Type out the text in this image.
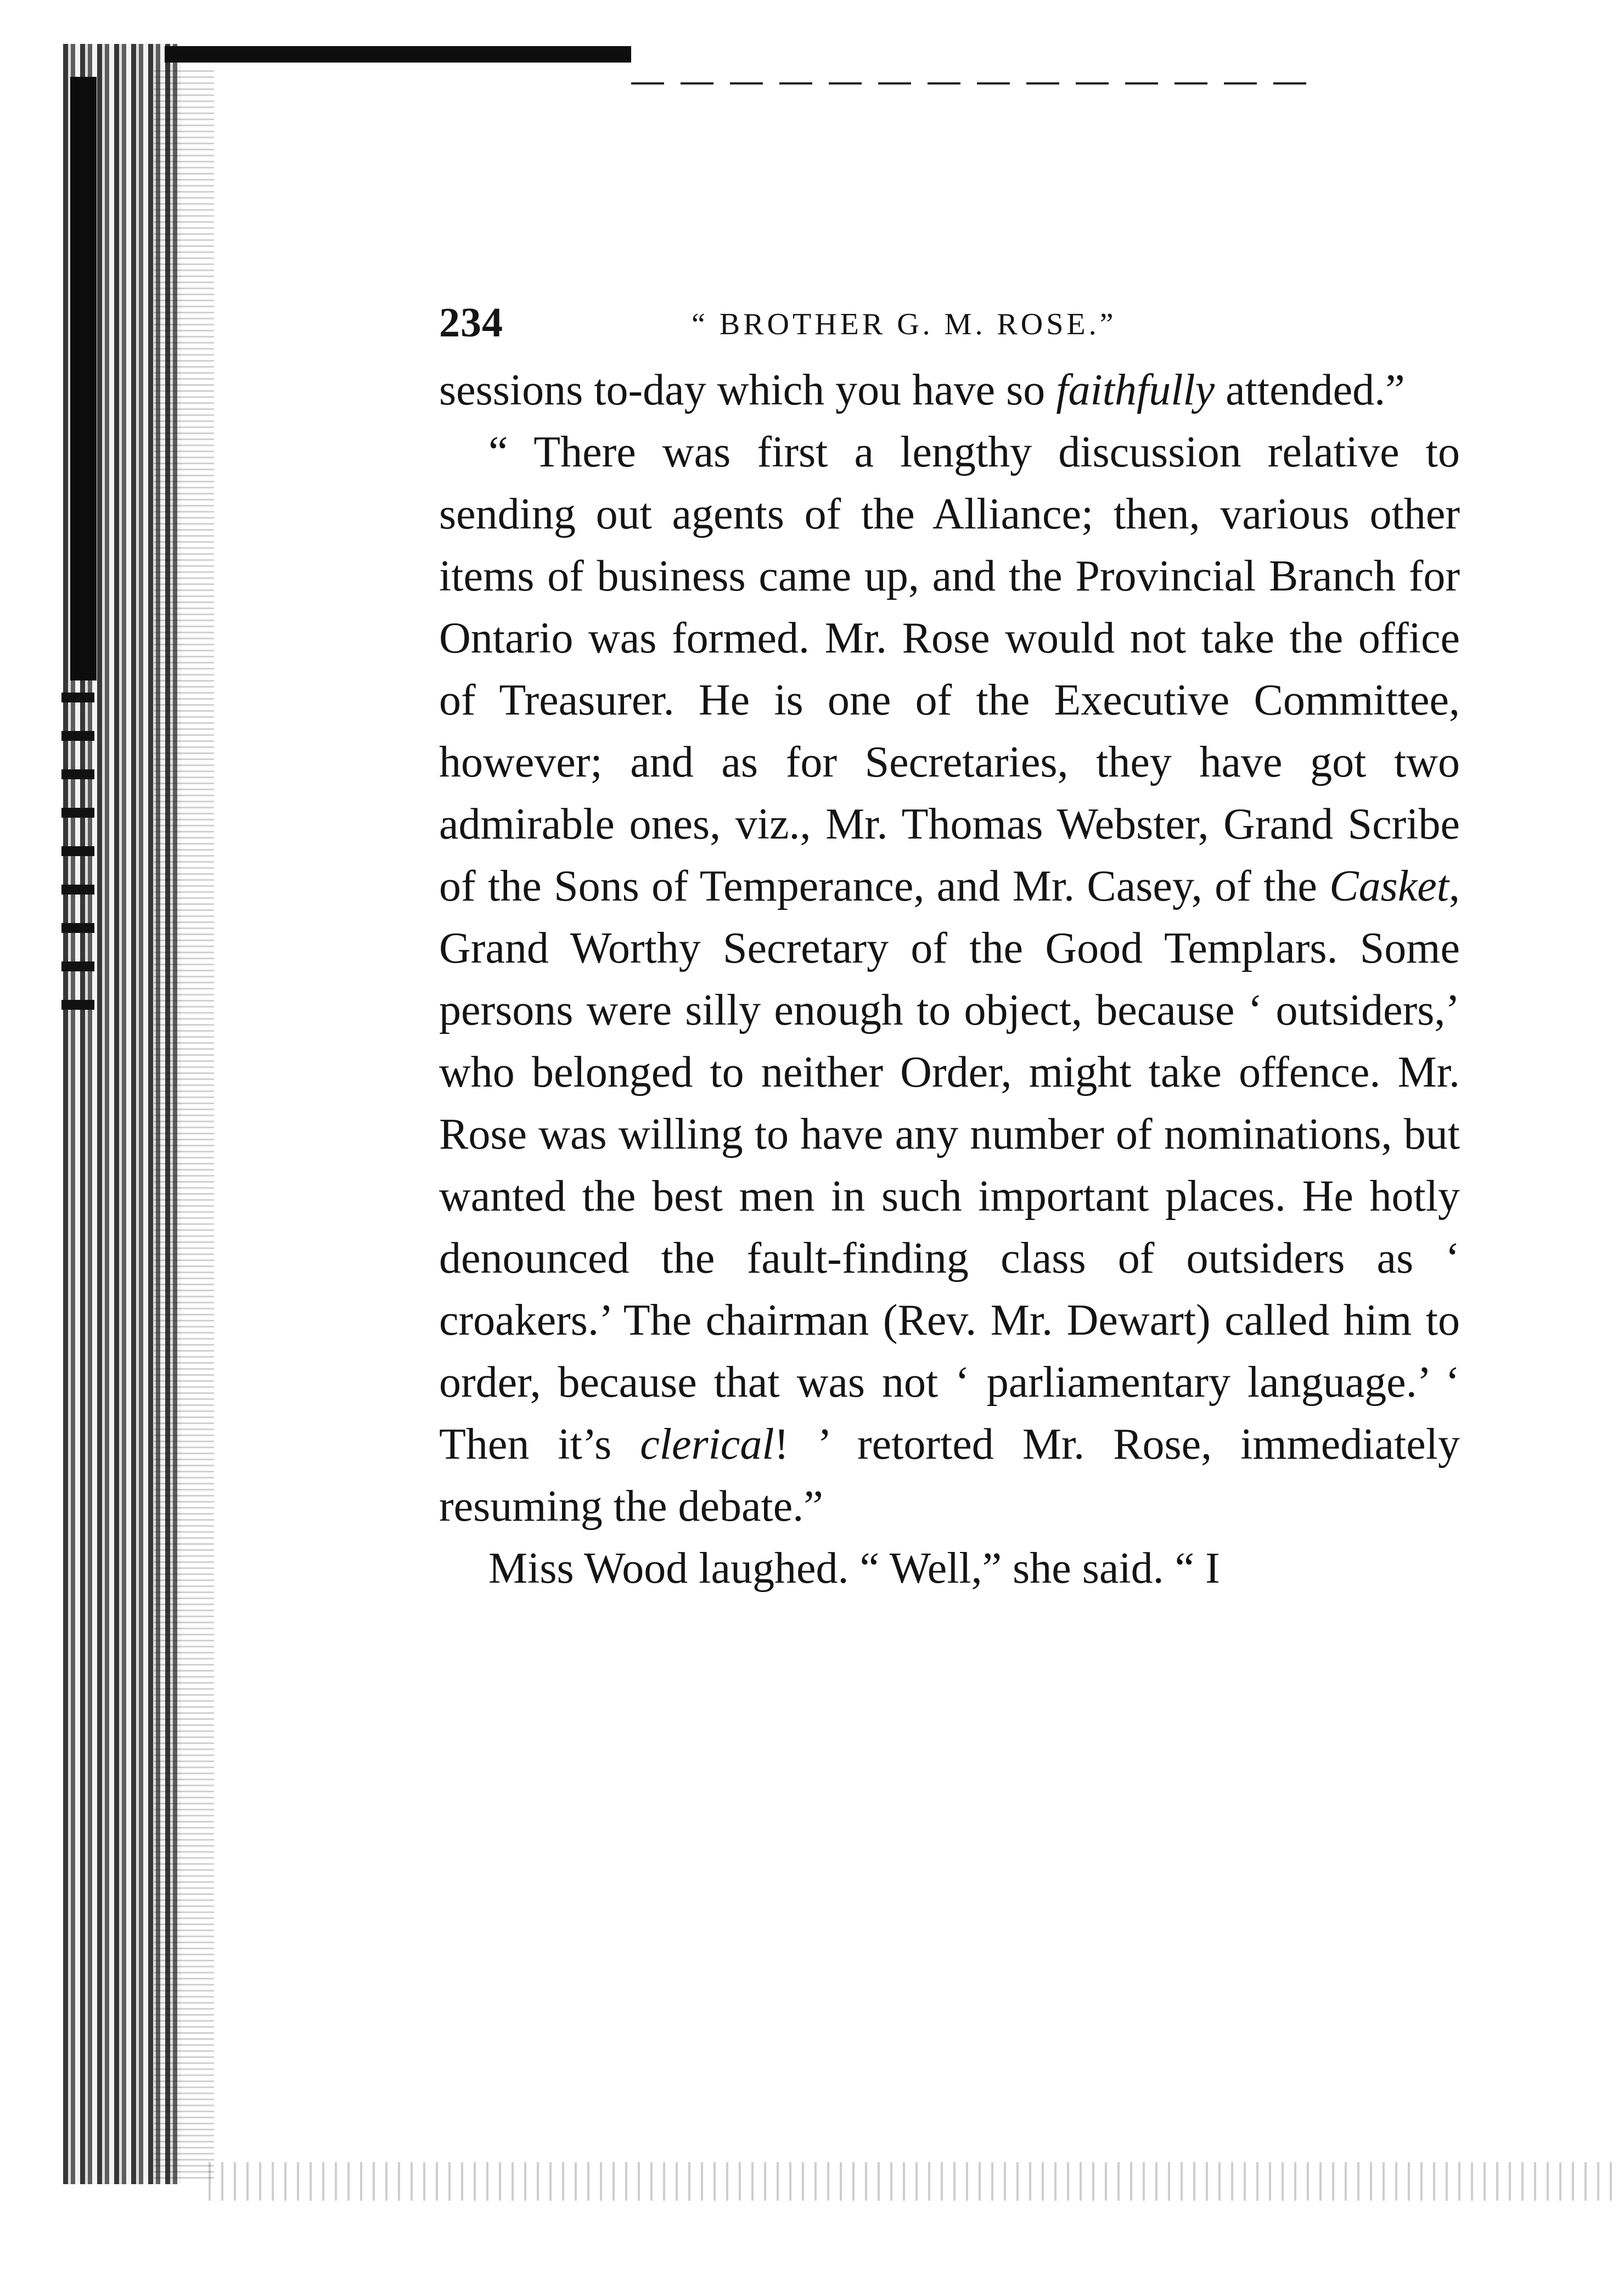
234	“ BROTHER G. M. ROSE.”

sessions to-day which you have so faithfully attended.”

“ There was first a lengthy discussion relative to sending out agents of the Alliance; then, various other items of business came up, and the Provincial Branch for Ontario was formed. Mr. Rose would not take the office of Treasurer. He is one of the Executive Committee, however; and as for Secretaries, they have got two admirable ones, viz., Mr. Thomas Webster, Grand Scribe of the Sons of Temperance, and Mr. Casey, of the Casket, Grand Worthy Secretary of the Good Templars. Some persons were silly enough to object, because ‘ outsiders,’ who belonged to neither Order, might take offence. Mr. Rose was willing to have any number of nominations, but wanted the best men in such important places. He hotly denounced the fault-finding class of outsiders as ‘ croakers.’ The chairman (Rev. Mr. Dewart) called him to order, because that was not ‘ parliamentary language.’ ‘ Then it’s clerical! ’ retorted Mr. Rose, immediately resuming the debate.”

Miss Wood laughed. “ Well,” she said. “ I
